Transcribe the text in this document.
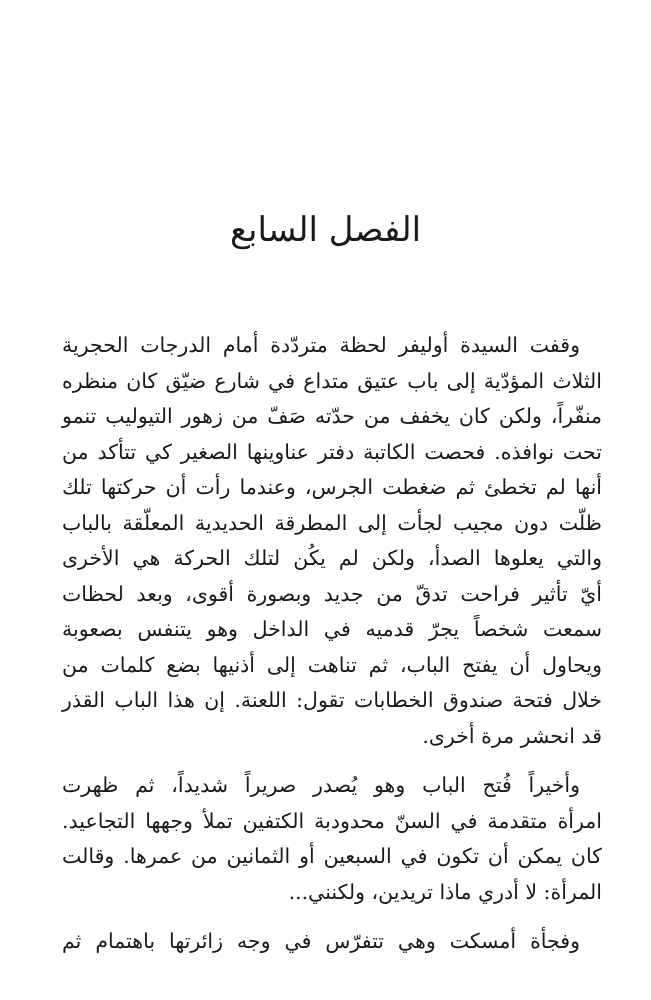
الفصل السابع
وقفت السيدة أوليفر لحظة متردّدة أمام الدرجات الحجرية
الثلاث المؤدّية إلى باب عتيق متداع في شارع ضيّق كان منظره
منفّراً، ولكن كان يخفف من حدّته صَفّ من زهور التيوليب تنمو
تحت نوافذه. فحصت الكاتبة دفتر عناوينها الصغير كي تتأكد من
أنها لم تخطئ ثم ضغطت الجرس، وعندما رأت أن حركتها تلك
ظلّت دون مجيب لجأت إلى المطرقة الحديدية المعلّقة بالباب
والتي يعلوها الصدأ، ولكن لم يكُن لتلك الحركة هي الأخرى
أيّ تأثير فراحت تدقّ من جديد وبصورة أقوى، وبعد لحظات
سمعت شخصاً يجرّ قدميه في الداخل وهو يتنفس بصعوبة
ويحاول أن يفتح الباب، ثم تناهت إلى أذنيها بضع كلمات من
خلال فتحة صندوق الخطابات تقول: اللعنة. إن هذا الباب القذر
قد انحشر مرة أخرى.
وأخيراً فُتح الباب وهو يُصدر صريراً شديداً، ثم ظهرت
امرأة متقدمة في السنّ محدودبة الكتفين تملأ وجهها التجاعيد.
كان يمكن أن تكون في السبعين أو الثمانين من عمرها. وقالت
المرأة: لا أدري ماذا تريدين، ولكنني...
وفجأة أمسكت وهي تتفرّس في وجه زائرتها باهتمام ثم
